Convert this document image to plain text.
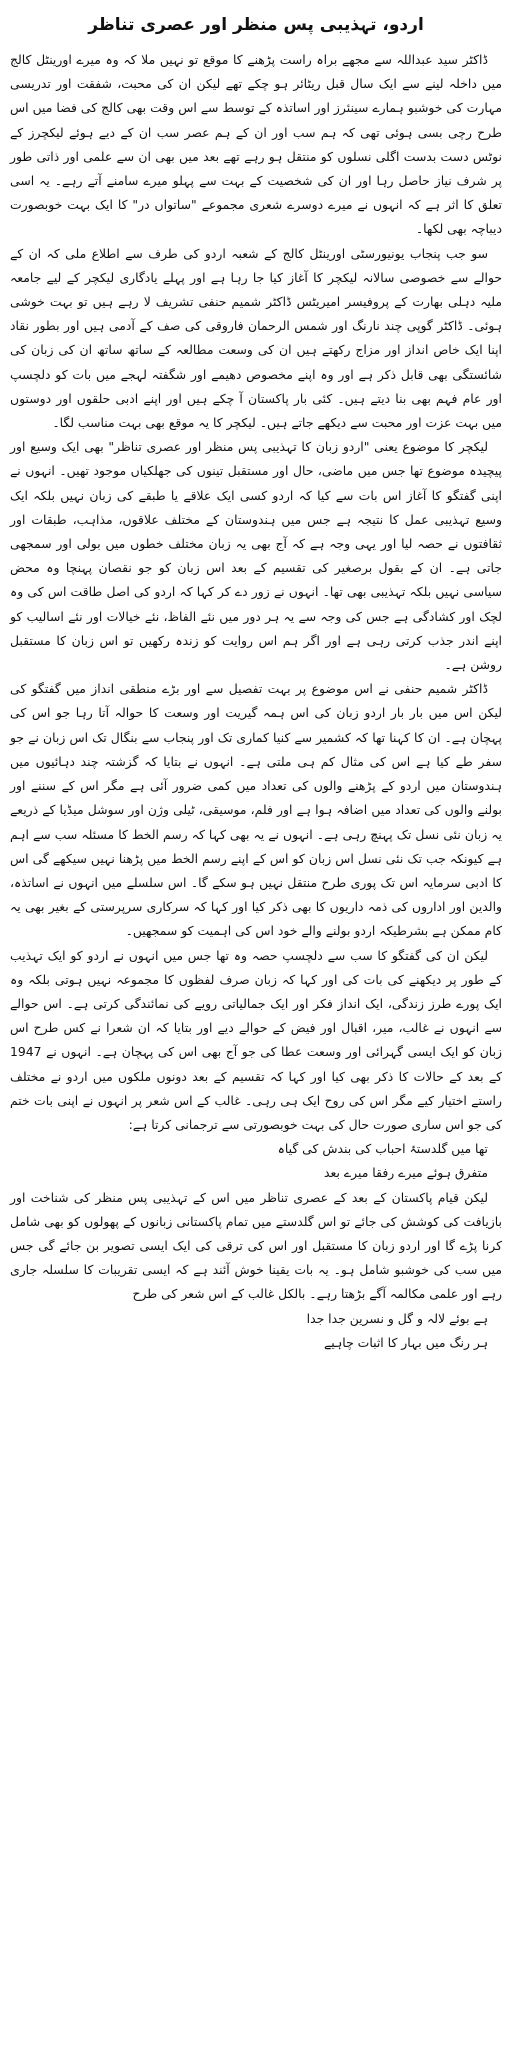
اردو، تہذیبی پس منظر اور عصری تناظر

ڈاکٹر سید عبداللہ سے مجھے براہ راست پڑھنے کا موقع تو نہیں ملا کہ وہ میرے اورینٹل کالج میں داخلہ لینے سے ایک سال قبل ریٹائر ہو چکے تھے لیکن ان کی محبت، شفقت اور تدریسی مہارت کی خوشبو ہمارے سینئرز اور اساتذہ کے توسط سے اس وقت بھی کالج کی فضا میں اس طرح رچی بسی ہوئی تھی کہ ہم سب اور ان کے ہم عصر سب ان کے دیے ہوئے لیکچرز کے نوٹس دست بدست اگلی نسلوں کو منتقل ہو رہے تھے بعد میں بھی ان سے علمی اور ذاتی طور پر شرف نیاز حاصل رہا اور ان کی شخصیت کے بہت سے پہلو میرے سامنے آتے رہے۔ یہ اسی تعلق کا اثر ہے کہ انہوں نے میرے دوسرے شعری مجموعے "ساتواں در" کا ایک بہت خوبصورت دیباچہ بھی لکھا۔

سو جب پنجاب یونیورسٹی اورینٹل کالج کے شعبہ اردو کی طرف سے اطلاع ملی کہ ان کے حوالے سے خصوصی سالانہ لیکچر کا آغاز کیا جا رہا ہے اور پہلے یادگاری لیکچر کے لیے جامعہ ملیہ دہلی بھارت کے پروفیسر امیریٹس ڈاکٹر شمیم حنفی تشریف لا رہے ہیں تو بہت خوشی ہوئی۔ ڈاکٹر گوپی چند نارنگ اور شمس الرحمان فاروقی کی صف کے آدمی ہیں اور بطور نقاد اپنا ایک خاص انداز اور مزاج رکھتے ہیں ان کی وسعت مطالعہ کے ساتھ ساتھ ان کی زبان کی شائستگی بھی قابل ذکر ہے اور وہ اپنے مخصوص دھیمے اور شگفتہ لہجے میں بات کو دلچسپ اور عام فہم بھی بنا دیتے ہیں۔ کئی بار پاکستان آ چکے ہیں اور اپنے ادبی حلقوں اور دوستوں میں بہت عزت اور محبت سے دیکھے جاتے ہیں۔ لیکچر کا یہ موقع بھی بہت مناسب لگا۔

لیکچر کا موضوع یعنی "اردو زبان کا تہذیبی پس منظر اور عصری تناظر" بھی ایک وسیع اور پیچیدہ موضوع تھا جس میں ماضی، حال اور مستقبل تینوں کی جھلکیاں موجود تھیں۔ انہوں نے اپنی گفتگو کا آغاز اس بات سے کیا کہ اردو کسی ایک علاقے یا طبقے کی زبان نہیں بلکہ ایک وسیع تہذیبی عمل کا نتیجہ ہے جس میں ہندوستان کے مختلف علاقوں، مذاہب، طبقات اور ثقافتوں نے حصہ لیا اور یہی وجہ ہے کہ آج بھی یہ زبان مختلف خطوں میں بولی اور سمجھی جاتی ہے۔ ان کے بقول برصغیر کی تقسیم کے بعد اس زبان کو جو نقصان پہنچا وہ محض سیاسی نہیں بلکہ تہذیبی بھی تھا۔ انہوں نے زور دے کر کہا کہ اردو کی اصل طاقت اس کی وہ لچک اور کشادگی ہے جس کی وجہ سے یہ ہر دور میں نئے الفاظ، نئے خیالات اور نئے اسالیب کو اپنے اندر جذب کرتی رہی ہے اور اگر ہم اس روایت کو زندہ رکھیں تو اس زبان کا مستقبل روشن ہے۔

ڈاکٹر شمیم حنفی نے اس موضوع پر بہت تفصیل سے اور بڑے منطقی انداز میں گفتگو کی لیکن اس میں بار بار اردو زبان کی اس ہمہ گیریت اور وسعت کا حوالہ آتا رہا جو اس کی پہچان ہے۔ ان کا کہنا تھا کہ کشمیر سے کنیا کماری تک اور پنجاب سے بنگال تک اس زبان نے جو سفر طے کیا ہے اس کی مثال کم ہی ملتی ہے۔ انہوں نے بتایا کہ گزشتہ چند دہائیوں میں ہندوستان میں اردو کے پڑھنے والوں کی تعداد میں کمی ضرور آئی ہے مگر اس کے سننے اور بولنے والوں کی تعداد میں اضافہ ہوا ہے اور فلم، موسیقی، ٹیلی وژن اور سوشل میڈیا کے ذریعے یہ زبان نئی نسل تک پہنچ رہی ہے۔ انہوں نے یہ بھی کہا کہ رسم الخط کا مسئلہ سب سے اہم ہے کیونکہ جب تک نئی نسل اس زبان کو اس کے اپنے رسم الخط میں پڑھنا نہیں سیکھے گی اس کا ادبی سرمایہ اس تک پوری طرح منتقل نہیں ہو سکے گا۔ اس سلسلے میں انہوں نے اساتذہ، والدین اور اداروں کی ذمہ داریوں کا بھی ذکر کیا اور کہا کہ سرکاری سرپرستی کے بغیر بھی یہ کام ممکن ہے بشرطیکہ اردو بولنے والے خود اس کی اہمیت کو سمجھیں۔

لیکن ان کی گفتگو کا سب سے دلچسپ حصہ وہ تھا جس میں انہوں نے اردو کو ایک تہذیب کے طور پر دیکھنے کی بات کی اور کہا کہ زبان صرف لفظوں کا مجموعہ نہیں ہوتی بلکہ وہ ایک پورے طرز زندگی، ایک انداز فکر اور ایک جمالیاتی رویے کی نمائندگی کرتی ہے۔ اس حوالے سے انہوں نے غالب، میر، اقبال اور فیض کے حوالے دیے اور بتایا کہ ان شعرا نے کس طرح اس زبان کو ایک ایسی گہرائی اور وسعت عطا کی جو آج بھی اس کی پہچان ہے۔ انہوں نے 1947 کے بعد کے حالات کا ذکر بھی کیا اور کہا کہ تقسیم کے بعد دونوں ملکوں میں اردو نے مختلف راستے اختیار کیے مگر اس کی روح ایک ہی رہی۔ غالب کے اس شعر پر انہوں نے اپنی بات ختم کی جو اس ساری صورت حال کی بہت خوبصورتی سے ترجمانی کرتا ہے:

تھا میں گلدستۂ احباب کی بندش کی گیاہ
متفرق ہوئے میرے رفقا میرے بعد

لیکن قیام پاکستان کے بعد کے عصری تناظر میں اس کے تہذیبی پس منظر کی شناخت اور بازیافت کی کوشش کی جائے تو اس گلدستے میں تمام پاکستانی زبانوں کے پھولوں کو بھی شامل کرنا پڑے گا اور اردو زبان کا مستقبل اور اس کی ترقی کی ایک ایسی تصویر بن جائے گی جس میں سب کی خوشبو شامل ہو۔ یہ بات یقینا خوش آئند ہے کہ ایسی تقریبات کا سلسلہ جاری رہے اور علمی مکالمہ آگے بڑھتا رہے۔ بالکل غالب کے اس شعر کی طرح

ہے بوئے لالہ و گل و نسرین جدا جدا
ہر رنگ میں بہار کا اثبات چاہیے
